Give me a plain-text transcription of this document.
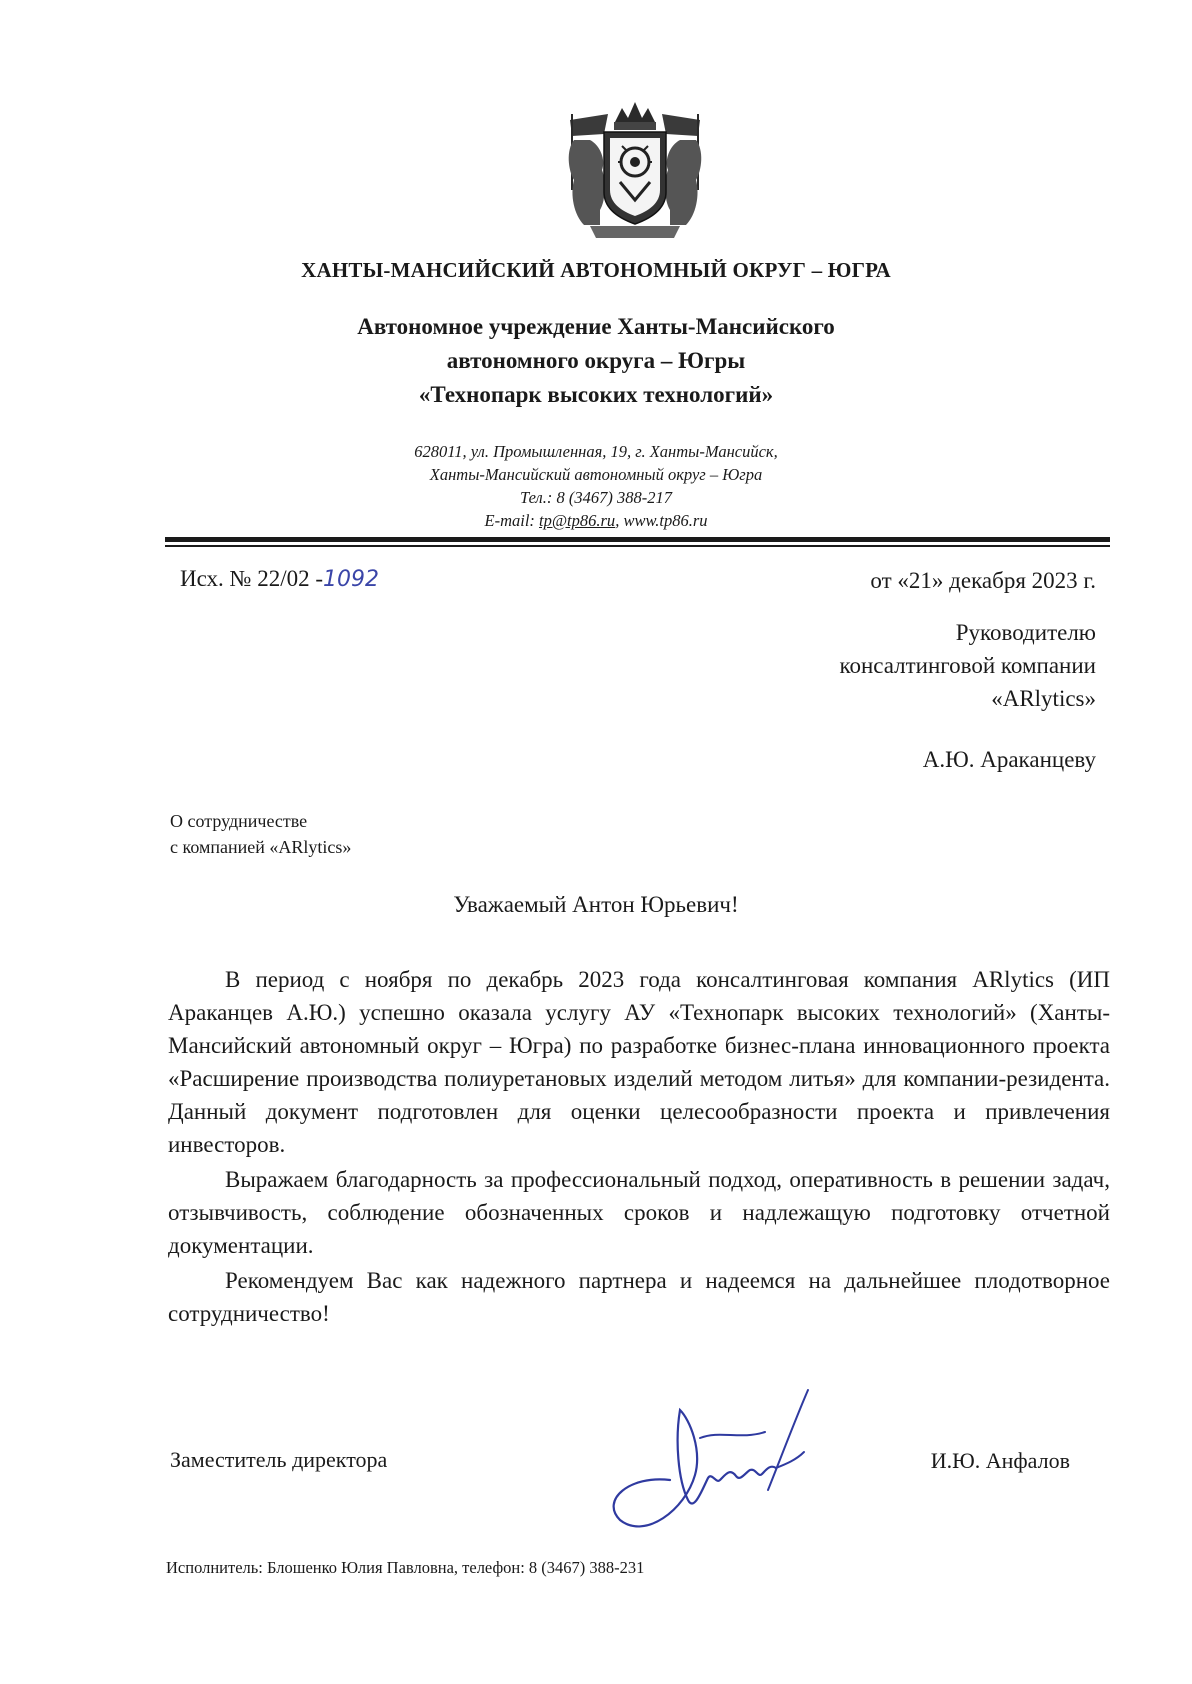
ХАНТЫ-МАНСИЙСКИЙ АВТОНОМНЫЙ ОКРУГ – ЮГРА
Автономное учреждение Ханты-Мансийского
автономного округа – Югры
«Технопарк высоких технологий»
628011, ул. Промышленная, 19, г. Ханты-Мансийск,
Ханты-Мансийский автономный округ – Югра
Тел.: 8 (3467) 388-217
E-mail: tp@tp86.ru, www.tp86.ru
Исх. № 22/02 -1092	от «21» декабря 2023 г.
Руководителю
консалтинговой компании
«ARlytics»
А.Ю. Араканцеву
О сотрудничестве
с компанией «ARlytics»
Уважаемый Антон Юрьевич!

В период с ноября по декабрь 2023 года консалтинговая компания ARlytics (ИП Араканцев А.Ю.) успешно оказала услугу АУ «Технопарк высоких технологий» (Ханты-Мансийский автономный округ – Югра) по разработке бизнес-плана инновационного проекта «Расширение производства полиуретановых изделий методом литья» для компании-резидента. Данный документ подготовлен для оценки целесообразности проекта и привлечения инвесторов.

Выражаем благодарность за профессиональный подход, оперативность в решении задач, отзывчивость, соблюдение обозначенных сроков и надлежащую подготовку отчетной документации.

Рекомендуем Вас как надежного партнера и надеемся на дальнейшее плодотворное сотрудничество!

Заместитель директора	И.Ю. Анфалов
Исполнитель: Блошенко Юлия Павловна, телефон: 8 (3467) 388-231
